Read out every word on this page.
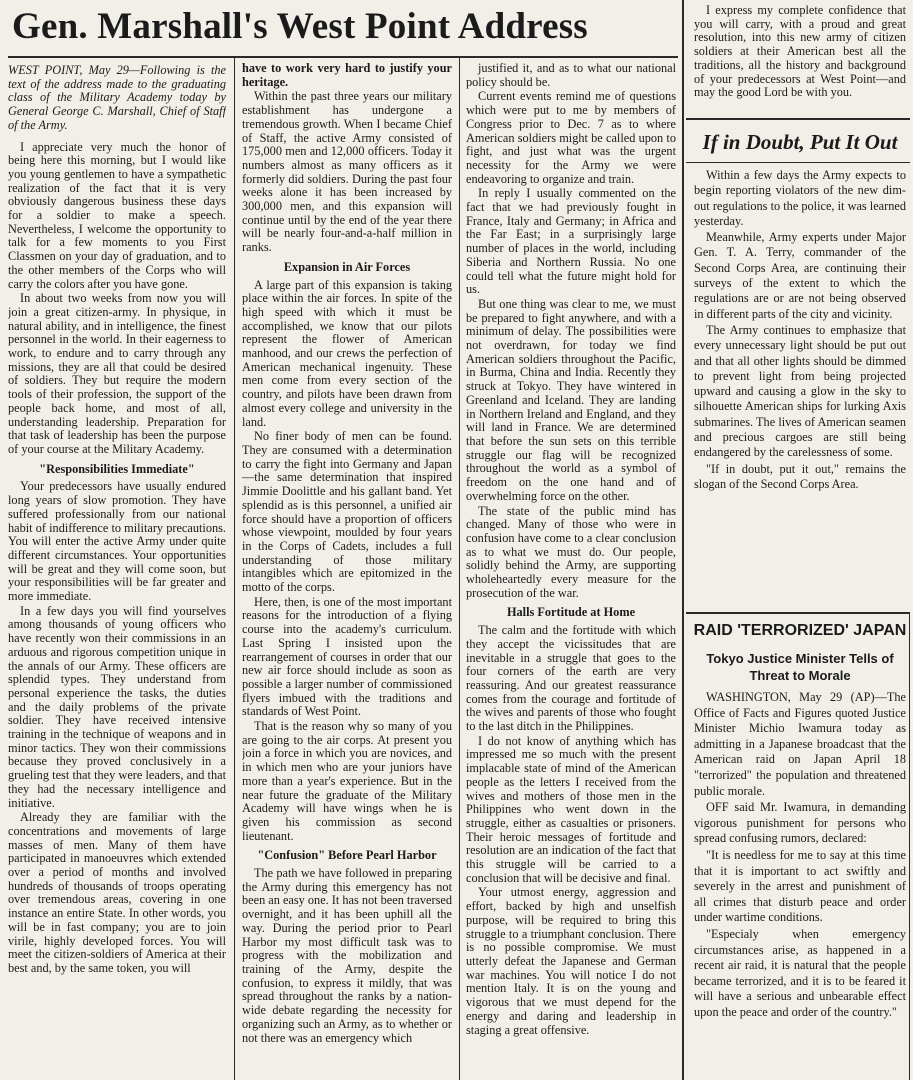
Gen. Marshall's West Point Address

WEST POINT, May 29—Following is the text of the address made to the graduating class of the Military Academy today by General George C. Marshall, Chief of Staff of the Army.

I appreciate very much the honor of being here this morning, but I would like you young gentlemen to have a sympathetic realization of the fact that it is very obviously dangerous business these days for a soldier to make a speech. Nevertheless, I welcome the opportunity to talk for a few moments to you First Classmen on your day of graduation, and to the other members of the Corps who will carry the colors after you have gone.

In about two weeks from now you will join a great citizen-army. In physique, in natural ability, and in intelligence, the finest personnel in the world. In their eagerness to work, to endure and to carry through any missions, they are all that could be desired of soldiers. They but require the modern tools of their profession, the support of the people back home, and most of all, understanding leadership. Preparation for that task of leadership has been the purpose of your course at the Military Academy.

"Responsibilities Immediate"

Your predecessors have usually endured long years of slow promotion. They have suffered professionally from our national habit of indifference to military precautions. You will enter the active Army under quite different circumstances. Your opportunities will be great and they will come soon, but your responsibilities will be far greater and more immediate.

In a few days you will find yourselves among thousands of young officers who have recently won their commissions in an arduous and rigorous competition unique in the annals of our Army. These officers are splendid types. They understand from personal experience the tasks, the duties and the daily problems of the private soldier. They have received intensive training in the technique of weapons and in minor tactics. They won their commissions because they proved conclusively in a grueling test that they were leaders, and that they had the necessary intelligence and initiative.

Already they are familiar with the concentrations and movements of large masses of men. Many of them have participated in manoeuvres which extended over a period of months and involved hundreds of thousands of troops operating over tremendous areas, covering in one instance an entire State. In other words, you will be in fast company; you are to join virile, highly developed forces. You will meet the citizen-soldiers of America at their best and, by the same token, you will

have to work very hard to justify your heritage.

Within the past three years our military establishment has undergone a tremendous growth. When I became Chief of Staff, the active Army consisted of 175,000 men and 12,000 officers. Today it numbers almost as many officers as it formerly did soldiers. During the past four weeks alone it has been increased by 300,000 men, and this expansion will continue until by the end of the year there will be nearly four-and-a-half million in ranks.

Expansion in Air Forces

A large part of this expansion is taking place within the air forces. In spite of the high speed with which it must be accomplished, we know that our pilots represent the flower of American manhood, and our crews the perfection of American mechanical ingenuity. These men come from every section of the country, and pilots have been drawn from almost every college and university in the land.

No finer body of men can be found. They are consumed with a determination to carry the fight into Germany and Japan—the same determination that inspired Jimmie Doolittle and his gallant band. Yet splendid as is this personnel, a unified air force should have a proportion of officers whose viewpoint, moulded by four years in the Corps of Cadets, includes a full understanding of those military intangibles which are epitomized in the motto of the corps.

Here, then, is one of the most important reasons for the introduction of a flying course into the academy's curriculum. Last Spring I insisted upon the rearrangement of courses in order that our new air force should include as soon as possible a larger number of commissioned flyers imbued with the traditions and standards of West Point.

That is the reason why so many of you are going to the air corps. At present you join a force in which you are novices, and in which men who are your juniors have more than a year's experience. But in the near future the graduate of the Military Academy will have wings when he is given his commission as second lieutenant.

"Confusion" Before Pearl Harbor

The path we have followed in preparing the Army during this emergency has not been an easy one. It has not been traversed overnight, and it has been uphill all the way. During the period prior to Pearl Harbor my most difficult task was to progress with the mobilization and training of the Army, despite the confusion, to express it mildly, that was spread throughout the ranks by a nation-wide debate regarding the necessity for organizing such an Army, as to whether or not there was an emergency which

justified it, and as to what our national policy should be.

Current events remind me of questions which were put to me by members of Congress prior to Dec. 7 as to where American soldiers might be called upon to fight, and just what was the urgent necessity for the Army we were endeavoring to organize and train.

In reply I usually commented on the fact that we had previously fought in France, Italy and Germany; in Africa and the Far East; in a surprisingly large number of places in the world, including Siberia and Northern Russia. No one could tell what the future might hold for us.

But one thing was clear to me, we must be prepared to fight anywhere, and with a minimum of delay. The possibilities were not overdrawn, for today we find American soldiers throughout the Pacific, in Burma, China and India. Recently they struck at Tokyo. They have wintered in Greenland and Iceland. They are landing in Northern Ireland and England, and they will land in France. We are determined that before the sun sets on this terrible struggle our flag will be recognized throughout the world as a symbol of freedom on the one hand and of overwhelming force on the other.

The state of the public mind has changed. Many of those who were in confusion have come to a clear conclusion as to what we must do. Our people, solidly behind the Army, are supporting wholeheartedly every measure for the prosecution of the war.

Halls Fortitude at Home

The calm and the fortitude with which they accept the vicissitudes that are inevitable in a struggle that goes to the four corners of the earth are very reassuring. And our greatest reassurance comes from the courage and fortitude of the wives and parents of those who fought to the last ditch in the Philippines.

I do not know of anything which has impressed me so much with the present implacable state of mind of the American people as the letters I received from the wives and mothers of those men in the Philippines who went down in the struggle, either as casualties or prisoners. Their heroic messages of fortitude and resolution are an indication of the fact that this struggle will be carried to a conclusion that will be decisive and final.

Your utmost energy, aggression and effort, backed by high and unselfish purpose, will be required to bring this struggle to a triumphant conclusion. There is no possible compromise. We must utterly defeat the Japanese and German war machines. You will notice I do not mention Italy. It is on the young and vigorous that we must depend for the energy and daring and leadership in staging a great offensive.

I express my complete confidence that you will carry, with a proud and great resolution, into this new army of citizen soldiers at their American best all the traditions, all the history and background of your predecessors at West Point—and may the good Lord be with you.

If in Doubt, Put It Out

Within a few days the Army expects to begin reporting violators of the new dim-out regulations to the police, it was learned yesterday.

Meanwhile, Army experts under Major Gen. T. A. Terry, commander of the Second Corps Area, are continuing their surveys of the extent to which the regulations are or are not being observed in different parts of the city and vicinity.

The Army continues to emphasize that every unnecessary light should be put out and that all other lights should be dimmed to prevent light from being projected upward and causing a glow in the sky to silhouette American ships for lurking Axis submarines. The lives of American seamen and precious cargoes are still being endangered by the carelessness of some.

"If in doubt, put it out," remains the slogan of the Second Corps Area.

RAID 'TERRORIZED' JAPAN
Tokyo Justice Minister Tells of Threat to Morale

WASHINGTON, May 29 (AP)—The Office of Facts and Figures quoted Justice Minister Michio Iwamura today as admitting in a Japanese broadcast that the American raid on Japan April 18 "terrorized" the population and threatened public morale.

OFF said Mr. Iwamura, in demanding vigorous punishment for persons who spread confusing rumors, declared:

"It is needless for me to say at this time that it is important to act swiftly and severely in the arrest and punishment of all crimes that disturb peace and order under wartime conditions.

"Especialy when emergency circumstances arise, as happened in a recent air raid, it is natural that the people became terrorized, and it is to be feared it will have a serious and unbearable effect upon the peace and order of the country."
